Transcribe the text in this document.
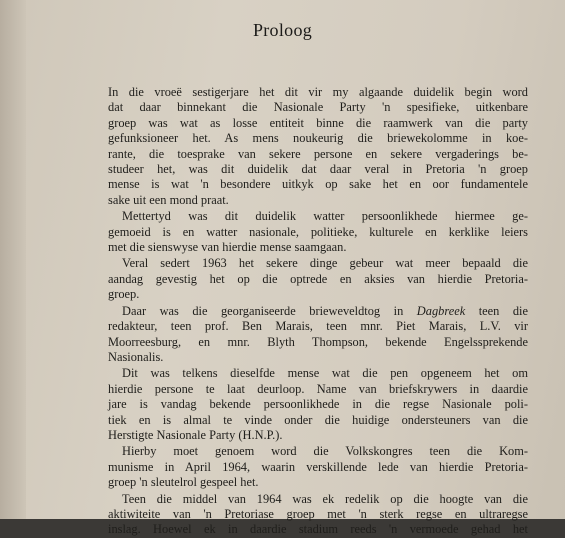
Proloog

In die vroeë sestigerjare het dit vir my algaande duidelik begin word
dat daar binnekant die Nasionale Party 'n spesifieke, uitkenbare
groep was wat as losse entiteit binne die raamwerk van die party
gefunksioneer het. As mens noukeurig die briewekolomme in koe-
rante, die toesprake van sekere persone en sekere vergaderings be-
studeer het, was dit duidelik dat daar veral in Pretoria 'n groep
mense is wat 'n besondere uitkyk op sake het en oor fundamentele
sake uit een mond praat.

Mettertyd was dit duidelik watter persoonlikhede hiermee ge-
gemoeid is en watter nasionale, politieke, kulturele en kerklike leiers
met die sienswyse van hierdie mense saamgaan.

Veral sedert 1963 het sekere dinge gebeur wat meer bepaald die
aandag gevestig het op die optrede en aksies van hierdie Pretoria-
groep.

Daar was die georganiseerde brieweveldtog in Dagbreek teen die
redakteur, teen prof. Ben Marais, teen mnr. Piet Marais, L.V. vir
Moorreesburg, en mnr. Blyth Thompson, bekende Engelssprekende
Nasionalis.

Dit was telkens dieselfde mense wat die pen opgeneem het om
hierdie persone te laat deurloop. Name van briefskrywers in daardie
jare is vandag bekende persoonlikhede in die regse Nasionale poli-
tiek en is almal te vinde onder die huidige ondersteuners van die
Herstigte Nasionale Party (H.N.P.).

Hierby moet genoem word die Volkskongres teen die Kom-
munisme in April 1964, waarin verskillende lede van hierdie Pretoria-
groep 'n sleutelrol gespeel het.

Teen die middel van 1964 was ek redelik op die hoogte van die
aktiwiteite van 'n Pretoriase groep met 'n sterk regse en ultraregse
inslag. Hoewel ek in daardie stadium reeds 'n vermoede gehad het
